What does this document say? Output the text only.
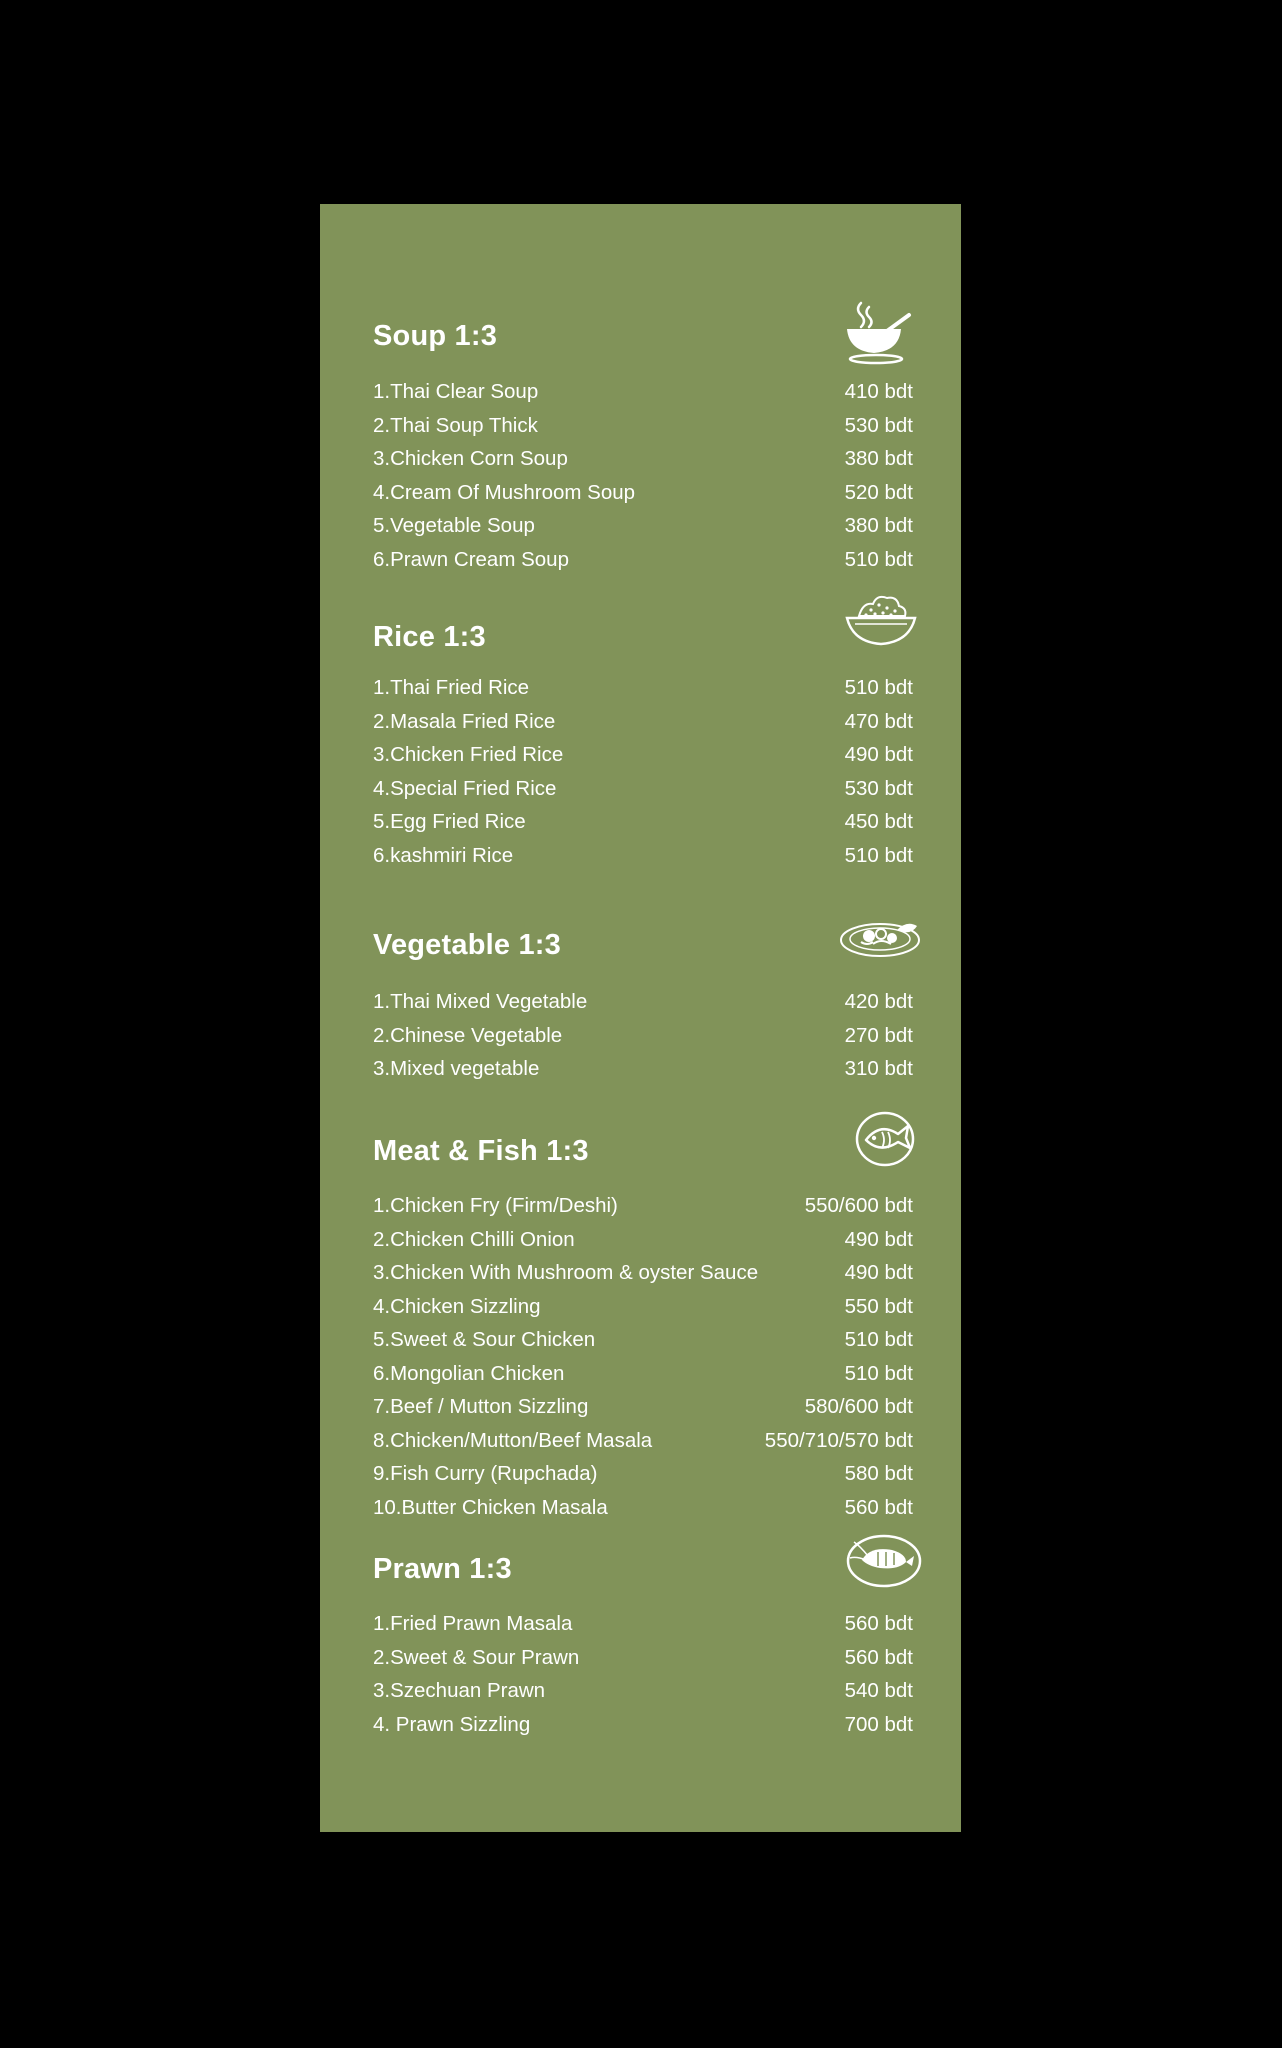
Soup 1:3
1.Thai Clear Soup	410 bdt
2.Thai Soup Thick	530 bdt
3.Chicken Corn Soup	380 bdt
4.Cream Of Mushroom Soup	520 bdt
5.Vegetable Soup	380 bdt
6.Prawn Cream Soup	510 bdt
Rice 1:3
1.Thai Fried Rice	510 bdt
2.Masala Fried Rice	470 bdt
3.Chicken Fried Rice	490 bdt
4.Special Fried Rice	530 bdt
5.Egg Fried Rice	450 bdt
6.kashmiri Rice	510 bdt
Vegetable 1:3
1.Thai Mixed Vegetable	420 bdt
2.Chinese Vegetable	270 bdt
3.Mixed vegetable	310 bdt
Meat & Fish 1:3
1.Chicken Fry (Firm/Deshi)	550/600 bdt
2.Chicken Chilli Onion	490 bdt
3.Chicken With Mushroom & oyster Sauce	490 bdt
4.Chicken Sizzling	550 bdt
5.Sweet & Sour Chicken	510 bdt
6.Mongolian Chicken	510 bdt
7.Beef / Mutton Sizzling	580/600 bdt
8.Chicken/Mutton/Beef Masala	550/710/570 bdt
9.Fish Curry (Rupchada)	580 bdt
10.Butter Chicken Masala	560 bdt
Prawn 1:3
1.Fried Prawn Masala	560 bdt
2.Sweet & Sour Prawn	560 bdt
3.Szechuan Prawn	540 bdt
4. Prawn Sizzling	700 bdt
